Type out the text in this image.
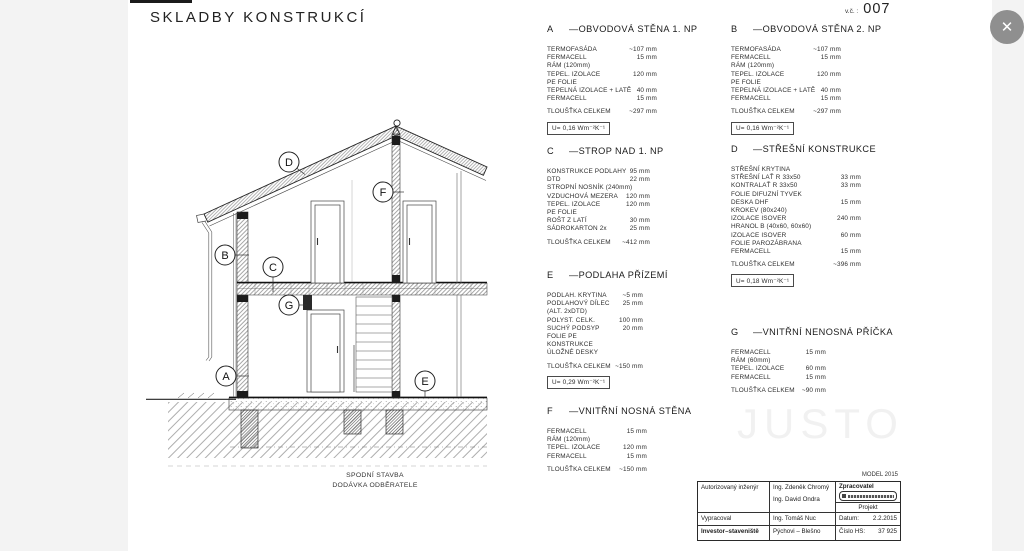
SKLADBY KONSTRUKCÍ	v.č. : 007
✕
A
B
C
D
E
F
G
SPODNÍ STAVBA
DODÁVKA ODBĚRATELE
JUSTO
A —OBVODOVÁ STĚNA 1. NP
TERMOFASÁDA	~107 mm
FERMACELL	15 mm
RÁM (120mm)
TEPEL. IZOLACE	120 mm
PE FOLIE
TEPELNÁ IZOLACE + LATĚ 40 mm
FERMACELL	15 mm
TLOUŠŤKA CELKEM	~297 mm
U= 0,16 Wm⁻²K⁻¹
C —STROP NAD 1. NP
KONSTRUKCE PODLAHY 95 mm
DTD	22 mm
STROPNÍ NOSNÍK (240mm)
VZDUCHOVÁ MEZERA 120 mm
TEPEL. IZOLACE	120 mm
PE FOLIE
ROŠT Z LATÍ	30 mm
SÁDROKARTON 2x	25 mm
TLOUŠŤKA CELKEM ~412 mm
E —PODLAHA PŘÍZEMÍ
PODLAH. KRYTINA ~5 mm
PODLAHOVÝ DÍLEC 25 mm
(ALT. 2xDTD)
POLYST. CELK.	100 mm
SUCHÝ PODSYP	20 mm
FOLIE PE
KONSTRUKCE
ÚLOŽNÉ DESKY
TLOUŠŤKA CELKEM ~150 mm
U= 0,29 Wm⁻²K⁻¹
F —VNITŘNÍ NOSNÁ STĚNA
FERMACELL	15 mm
RÁM (120mm)
TEPEL. IZOLACE	120 mm
FERMACELL	15 mm
TLOUŠŤKA CELKEM ~150 mm
B —OBVODOVÁ STĚNA 2. NP
TERMOFASÁDA	~107 mm
FERMACELL	15 mm
RÁM (120mm)
TEPEL. IZOLACE	120 mm
PE FOLIE
TEPELNÁ IZOLACE + LATĚ 40 mm
FERMACELL	15 mm
TLOUŠŤKA CELKEM	~297 mm
U= 0,16 Wm⁻²K⁻¹
D —STŘEŠNÍ KONSTRUKCE
STŘEŠNÍ KRYTINA
STŘEŠNÍ LAŤ R 33x50	33 mm
KONTRALAŤ R 33x50	33 mm
FOLIE DIFUZNÍ TYVEK
DESKA DHF	15 mm
KROKEV (80x240)
IZOLACE ISOVER	240 mm
HRANOL B (40x60, 60x60)
IZOLACE ISOVER	60 mm
FOLIE PAROZÁBRANA
FERMACELL	15 mm
TLOUŠŤKA CELKEM	~396 mm
U= 0,18 Wm⁻²K⁻¹
G —VNITŘNÍ NENOSNÁ PŘÍČKA
FERMACELL	15 mm
RÁM (60mm)
TEPEL. IZOLACE	60 mm
FERMACELL	15 mm
TLOUŠŤKA CELKEM ~90 mm
MODEL 2015
Autorizovaný inženýr	Ing. Zdeněk Chromý
Ing. David Ondra
Zpracovatel
Projekt
Vypracoval	Ing. Tomáš Nuc	Datum: 2.2.2015
Investor–staveniště	Pýchovi – Blešno	Číslo HS: 37 925
